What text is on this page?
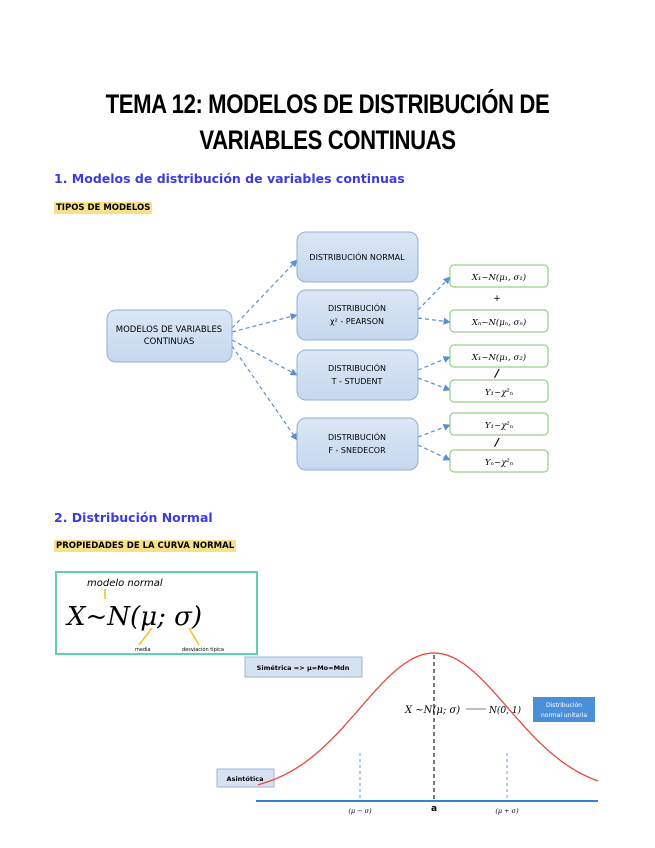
TEMA 12: MODELOS DE DISTRIBUCIÓN DE
VARIABLES CONTINUAS
1. Modelos de distribución de variables continuas
TIPOS DE MODELOS
MODELOS DE VARIABLES
CONTINUAS
DISTRIBUCIÓN NORMAL
DISTRIBUCIÓN
χ² - PEARSON
DISTRIBUCIÓN
T - STUDENT
DISTRIBUCIÓN
F - SNEDECOR
X₁~N(μ₁, σ₁)
+
Xₙ~N(μₙ, σₙ)
X₁~N(μ₁, σ₂)
/
Y₁~χ²ₙ
Y₁~χ²ₙ
/
Yₙ~χ²ₙ
2. Distribución Normal
PROPIEDADES DE LA CURVA NORMAL
modelo normal
X~N(μ; σ)
media	desviación típica
Simétrica => μ=Mo=Mdn
Asintótica
X ~N(μ; σ)	N(0, 1)
Distribución
normal unitaria
(μ − σ)	a	(μ + σ)
